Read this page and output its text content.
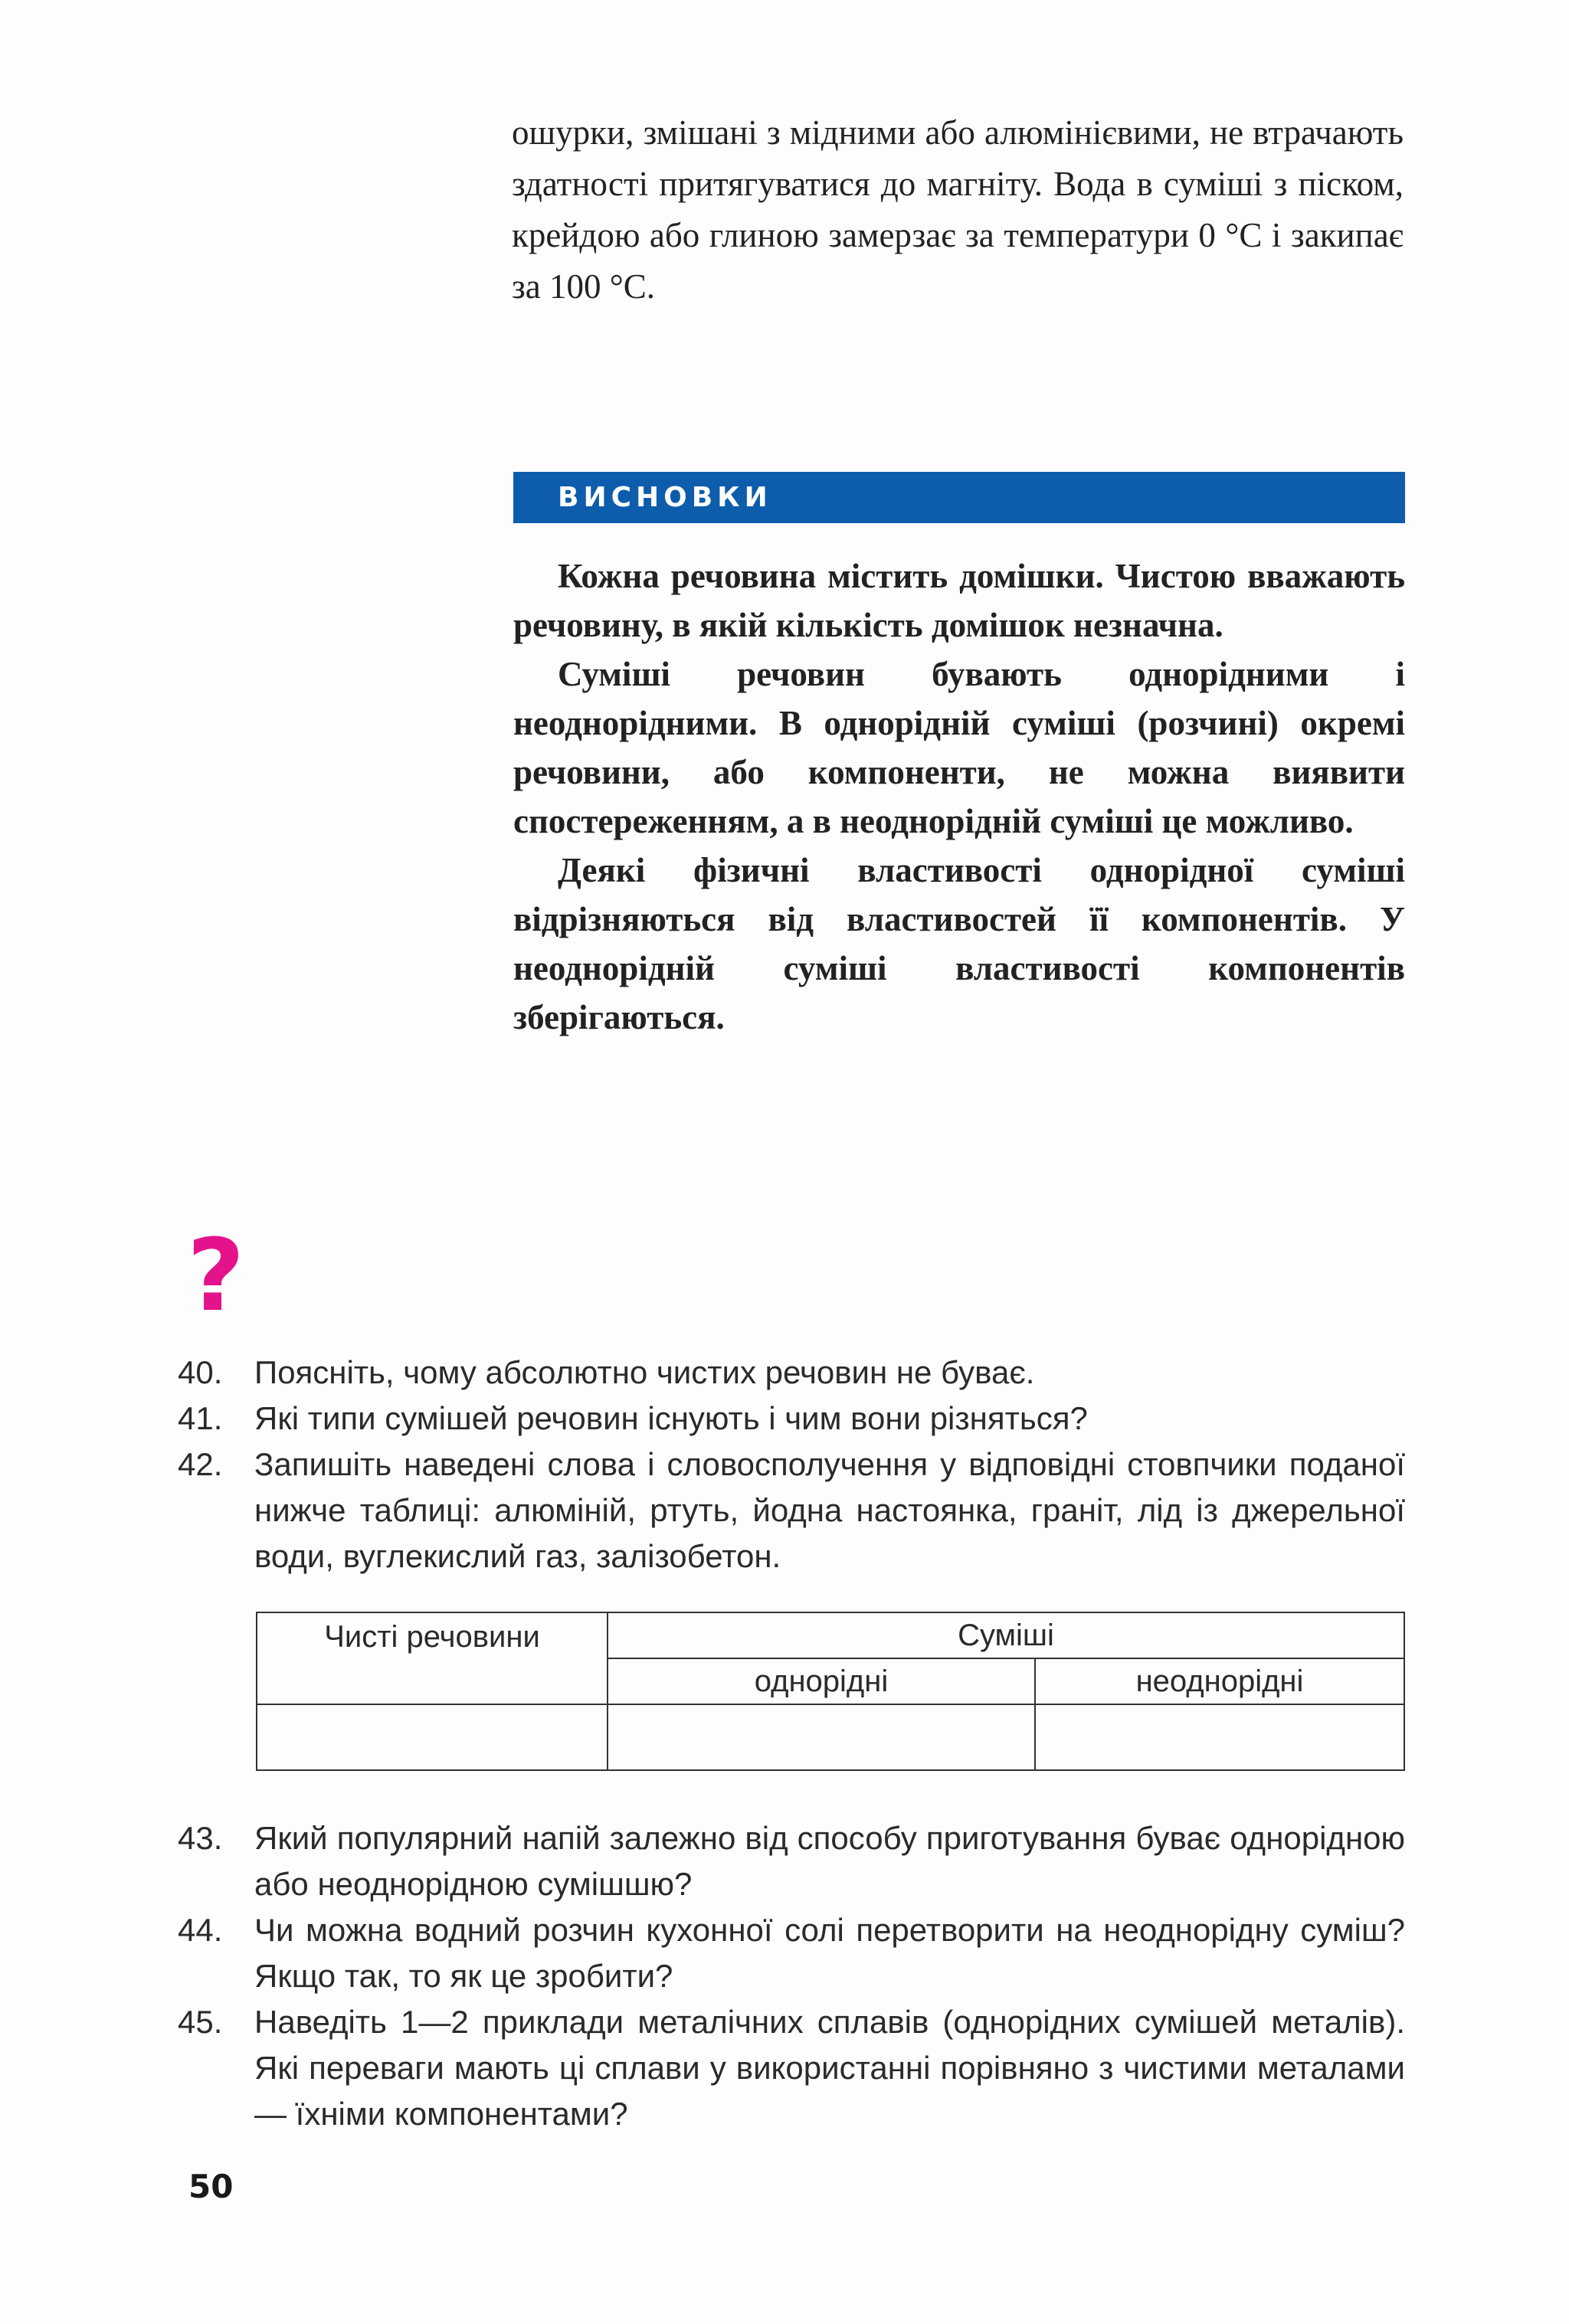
ошурки, змішані з мідними або алюмінієвими, не втрачають здатності притягуватися до магніту. Вода в суміші з піском, крейдою або глиною замерзає за температури 0 °С і закипає за 100 °С.

ВИСНОВКИ

Кожна речовина містить домішки. Чистою вважають речовину, в якій кількість домішок незначна.

Суміші речовин бувають однорідними і неоднорідними. В однорідній суміші (розчині) окремі речовини, або компоненти, не можна виявити спостереженням, а в неоднорідній суміші це можливо.

Деякі фізичні властивості однорідної суміші відрізняються від властивостей її компонентів. У неоднорідній суміші властивості компонентів зберігаються.

?
40. Поясніть, чому абсолютно чистих речовин не буває.
41. Які типи сумішей речовин існують і чим вони різняться?
42. Запишіть наведені слова і словосполучення у відповідні стовпчики поданої нижче таблиці: алюміній, ртуть, йодна настоянка, граніт, лід із джерельної води, вуглекислий газ, залізобетон.
Чисті речовини	Суміші	
	однорідні	неоднорідні

43. Який популярний напій залежно від способу приготування буває однорідною або неоднорідною сумішшю?
44. Чи можна водний розчин кухонної солі перетворити на неоднорідну суміш? Якщо так, то як це зробити?
45. Наведіть 1—2 приклади металічних сплавів (однорідних сумішей металів). Які переваги мають ці сплави у використанні порівняно з чистими металами — їхніми компонентами?
50
